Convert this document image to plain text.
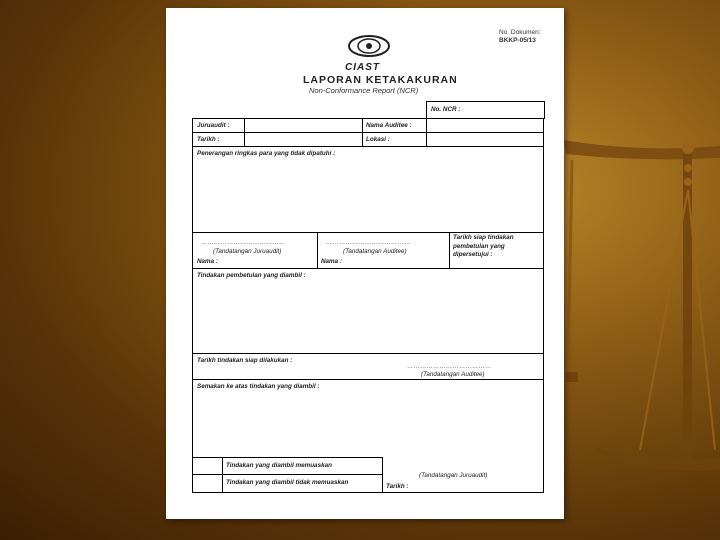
No. Dokumen:
BKKP-05/13
CIAST
LAPORAN KETAKAKURAN
Non-Conformance Report (NCR)
No. NCR :
Juruaudit :	Nama Auditee :
Tarikh :	Lokasi :
Penerangan ringkas para yang tidak dipatuhi :
…………………………………
(Tandatangan Juruaudit)
Nama :
…………………………………
(Tandatangan Auditee)
Nama :
Tarikh siap tindakan pembetulan yang dipersetujui :
Tindakan pembetulan yang diambil :
Tarikh tindakan siap dilakukan :
…………………………………
(Tandatangan Auditee)
Semakan ke atas tindakan yang diambil :
Tindakan yang diambil memuaskan
Tindakan yang diambil tidak memuaskan
(Tandatangan Juruaudit)
Tarikh :
